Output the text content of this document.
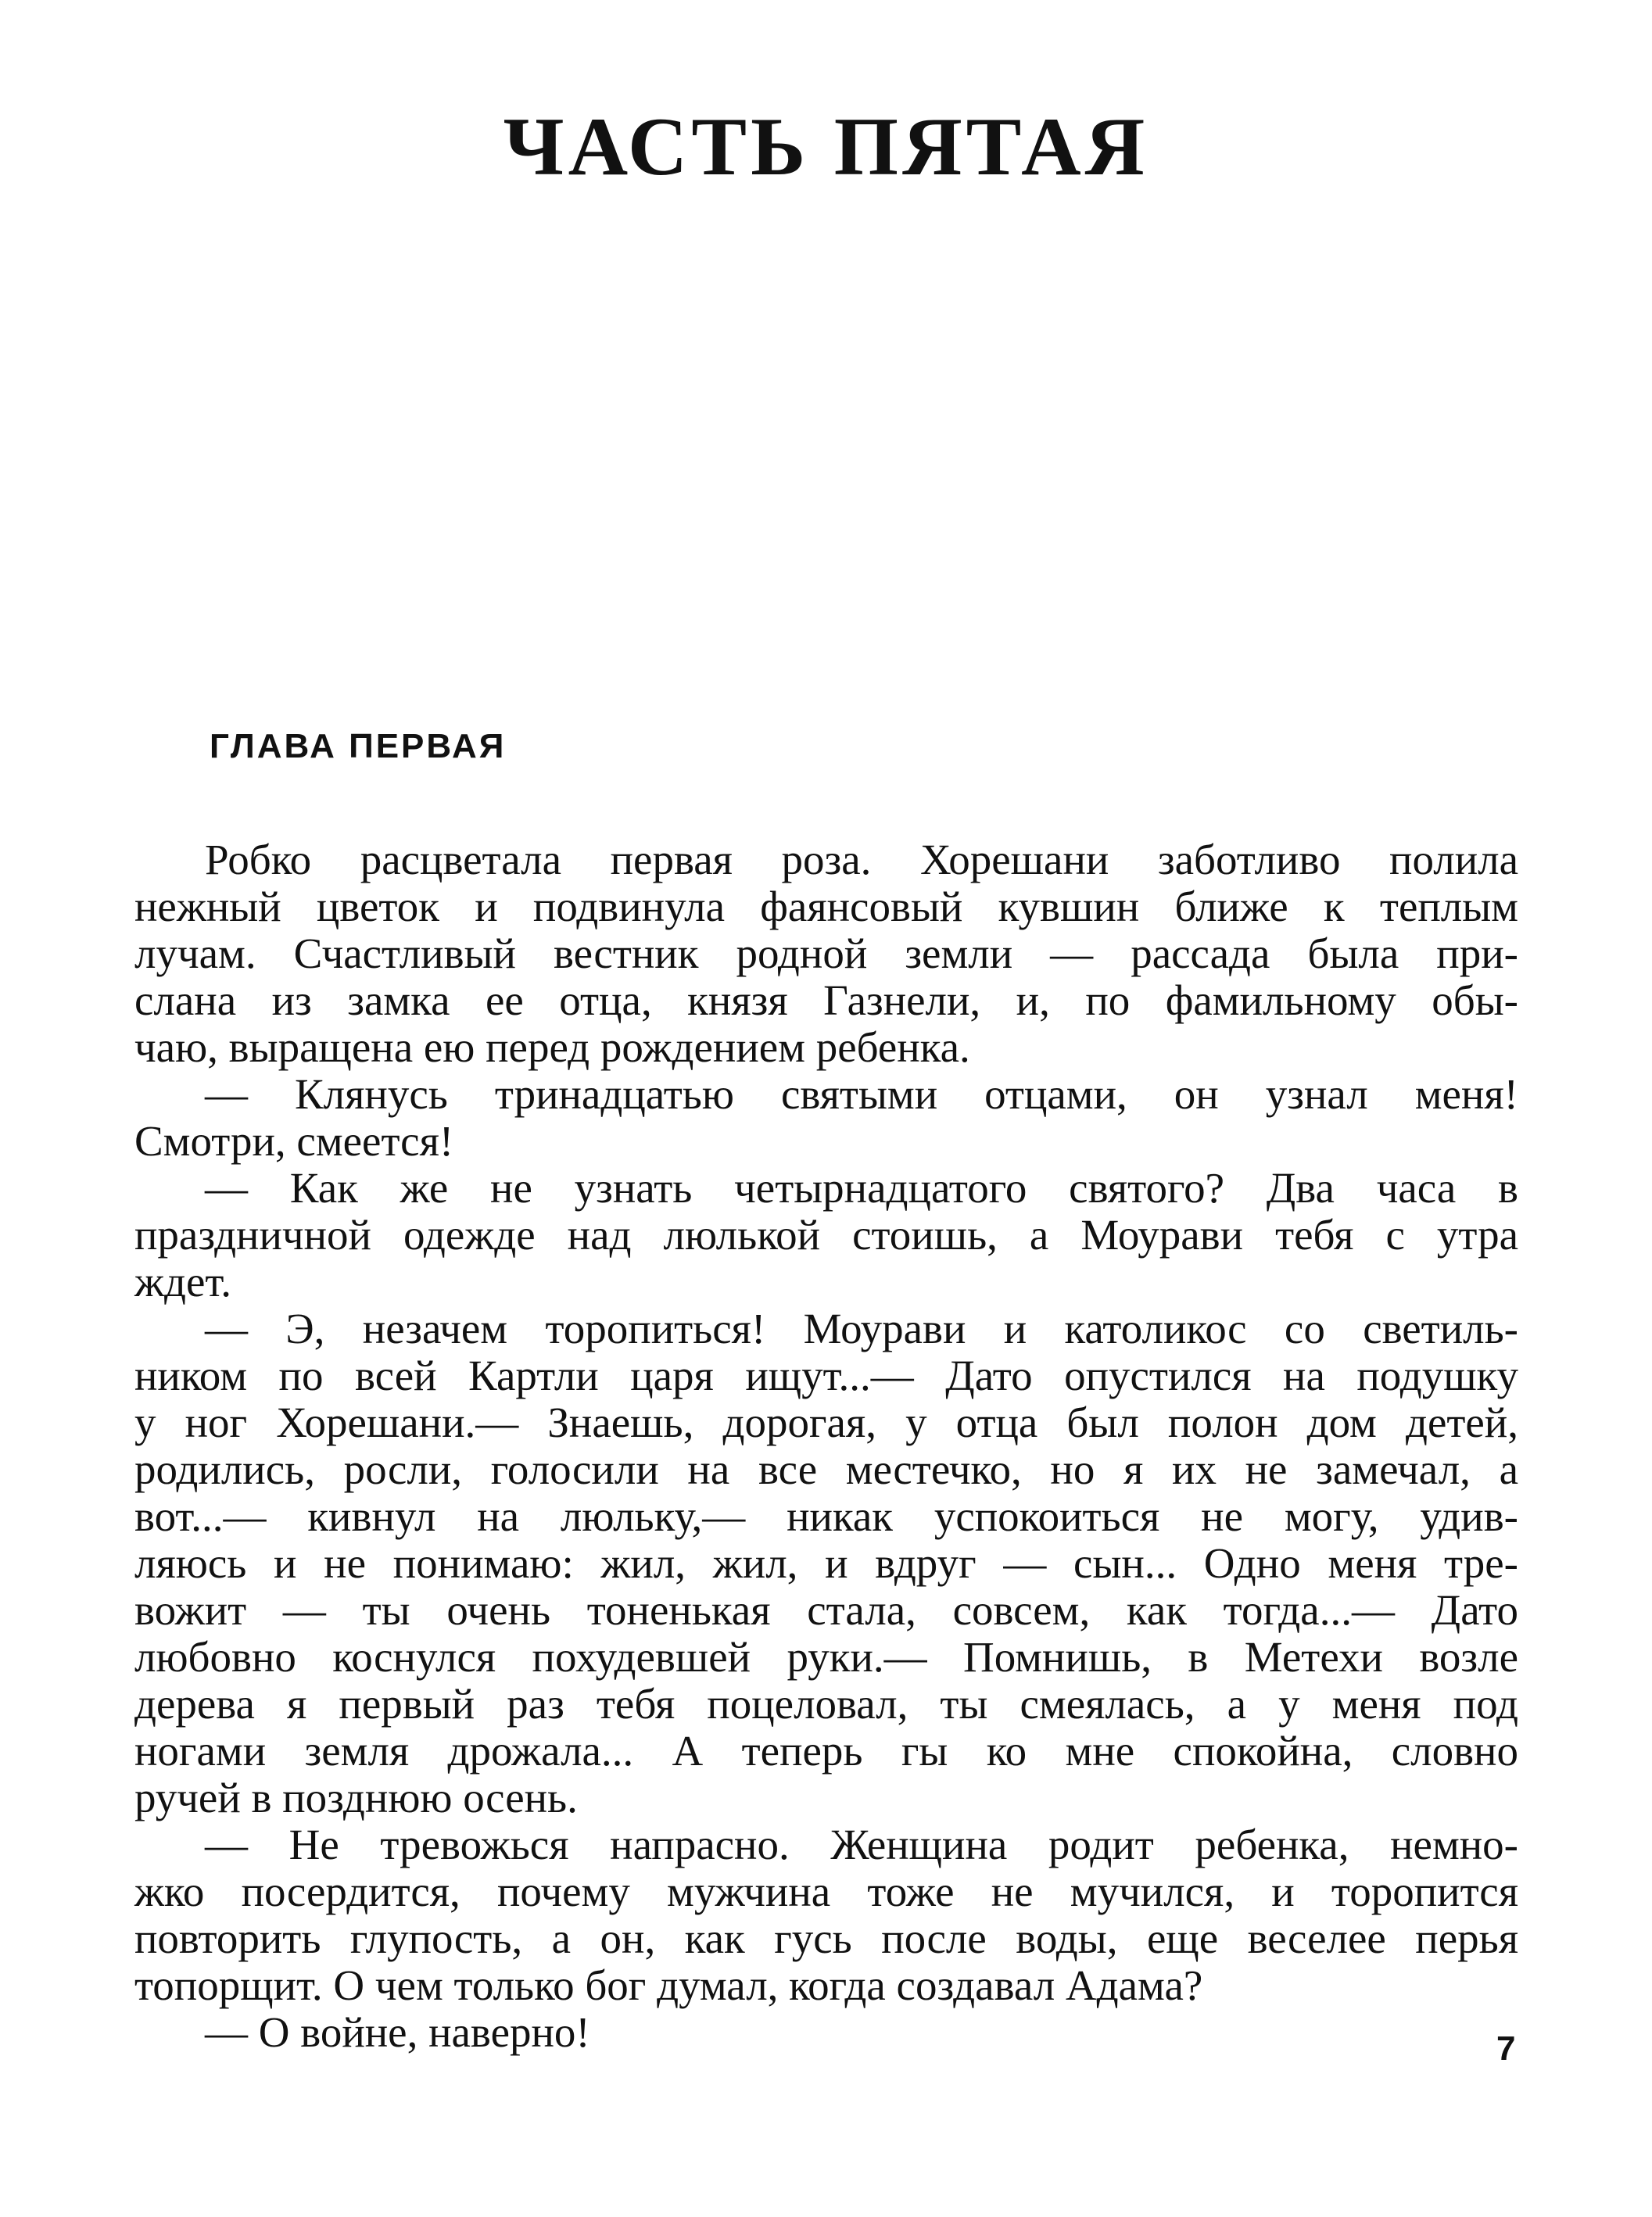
ЧАСТЬ ПЯТАЯ
ГЛАВА ПЕРВАЯ
Робко расцветала первая роза. Хорешани заботливо полила
нежный цветок и подвинула фаянсовый кувшин ближе к теплым
лучам. Счастливый вестник родной земли — рассада была при-
слана из замка ее отца, князя Газнели, и, по фамильному обы-
чаю, выращена ею перед рождением ребенка.
— Клянусь тринадцатью святыми отцами, он узнал меня!
Смотри, смеется!
— Как же не узнать четырнадцатого святого? Два часа в
праздничной одежде над люлькой стоишь, а Моурави тебя с утра
ждет.
— Э, незачем торопиться! Моурави и католикос со светиль-
ником по всей Картли царя ищут...— Дато опустился на подушку
у ног Хорешани.— Знаешь, дорогая, у отца был полон дом детей,
родились, росли, голосили на все местечко, но я их не замечал, а
вот...— кивнул на люльку,— никак успокоиться не могу, удив-
ляюсь и не понимаю: жил, жил, и вдруг — сын... Одно меня тре-
вожит — ты очень тоненькая стала, совсем, как тогда...— Дато
любовно коснулся похудевшей руки.— Помнишь, в Метехи возле
дерева я первый раз тебя поцеловал, ты смеялась, а у меня под
ногами земля дрожала... А теперь гы ко мне спокойна, словно
ручей в позднюю осень.
— Не тревожься напрасно. Женщина родит ребенка, немно-
жко посердится, почему мужчина тоже не мучился, и торопится
повторить глупость, а он, как гусь после воды, еще веселее перья
топорщит. О чем только бог думал, когда создавал Адама?
— О войне, наверно!	7
